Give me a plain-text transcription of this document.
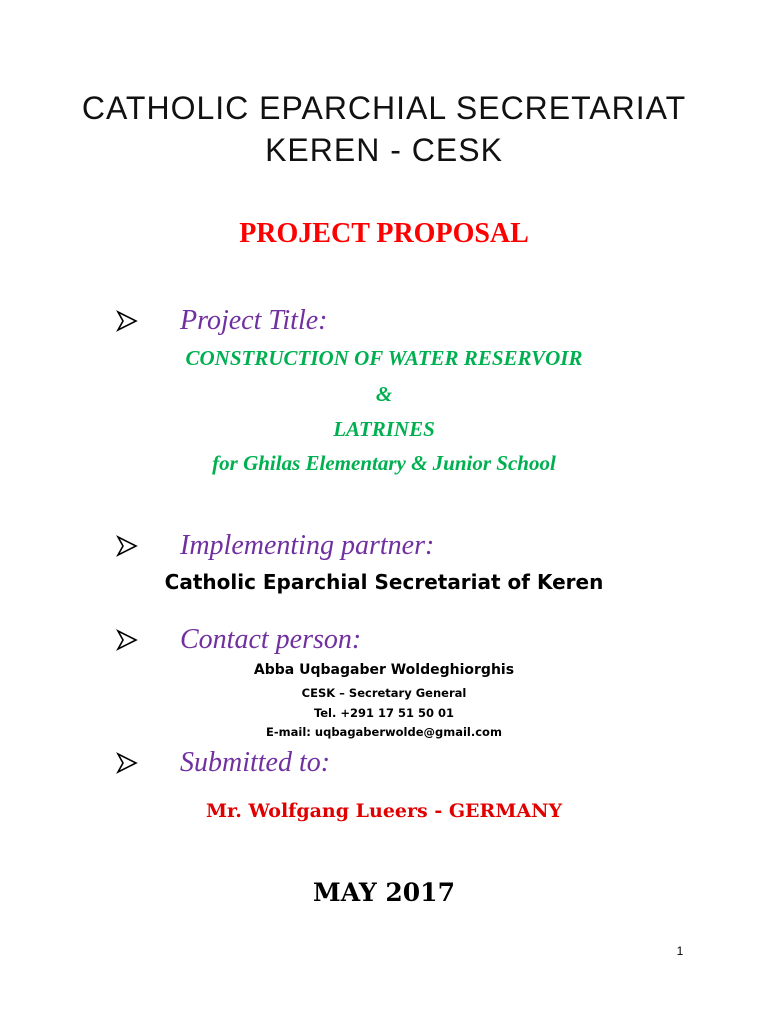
CATHOLIC EPARCHIAL SECRETARIAT
KEREN - CESK
PROJECT PROPOSAL
Project Title:
CONSTRUCTION OF WATER RESERVOIR
&
LATRINES
for Ghilas Elementary & Junior School
Implementing partner:
Catholic Eparchial Secretariat of Keren
Contact person:
Abba Uqbagaber Woldeghiorghis
CESK – Secretary General
Tel. +291 17 51 50 01
E-mail: uqbagaberwolde@gmail.com
Submitted to:
Mr. Wolfgang Lueers - GERMANY
MAY 2017
1
